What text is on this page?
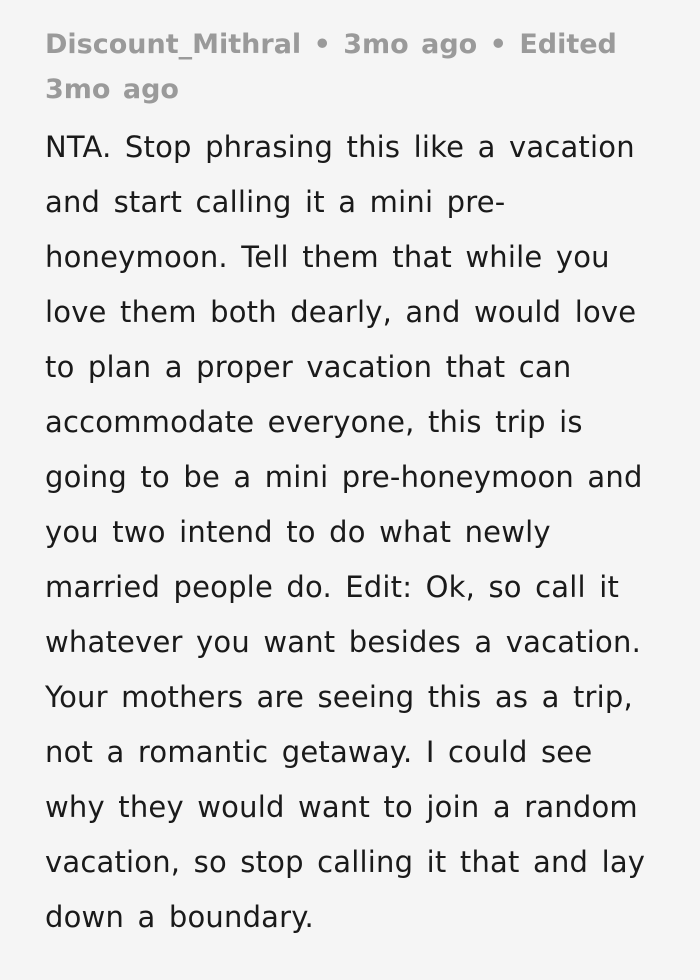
Discount_Mithral • 3mo ago • Edited 3mo ago
NTA. Stop phrasing this like a vacation and start calling it a mini pre-honeymoon. Tell them that while you love them both dearly, and would love to plan a proper vacation that can accommodate everyone, this trip is going to be a mini pre-honeymoon and you two intend to do what newly married people do. Edit: Ok, so call it whatever you want besides a vacation. Your mothers are seeing this as a trip, not a romantic getaway. I could see why they would want to join a random vacation, so stop calling it that and lay down a boundary.
